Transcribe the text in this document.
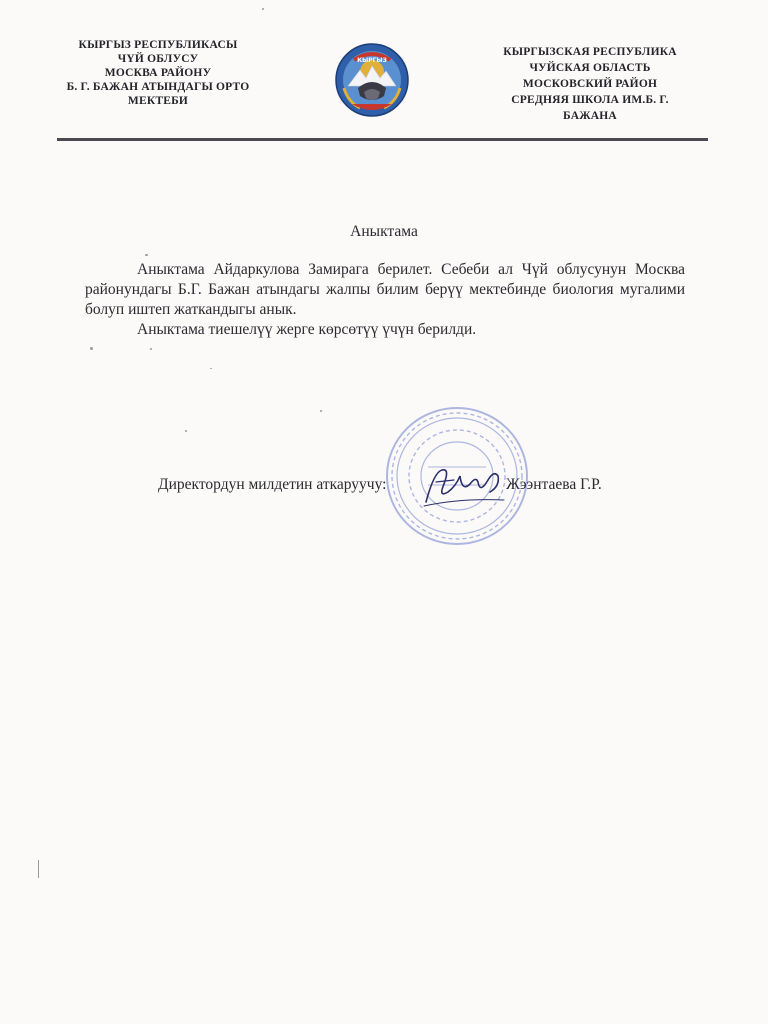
КЫРГЫЗ РЕСПУБЛИКАСЫ
ЧҮЙ ОБЛУСУ
МОСКВА РАЙОНУ
Б. Г. БАЖАН АТЫНДАГЫ ОРТО
МЕКТЕБИ
КЫРГЫЗ
КЫРГЫЗСКАЯ РЕСПУБЛИКА
ЧУЙСКАЯ ОБЛАСТЬ
МОСКОВСКИЙ РАЙОН
СРЕДНЯЯ ШКОЛА ИМ.Б. Г.
БАЖАНА
Аныктама

Аныктама Айдаркулова Замирага берилет. Себеби ал Чүй облусунун Москва районундагы Б.Г. Бажан атындагы жалпы билим берүү мектебинде биология мугалими болуп иштеп жаткандыгы анык.

Аныктама тиешелүү жерге көрсөтүү үчүн берилди.

Директордун милдетин аткаруучу:	Жээнтаева Г.Р.
